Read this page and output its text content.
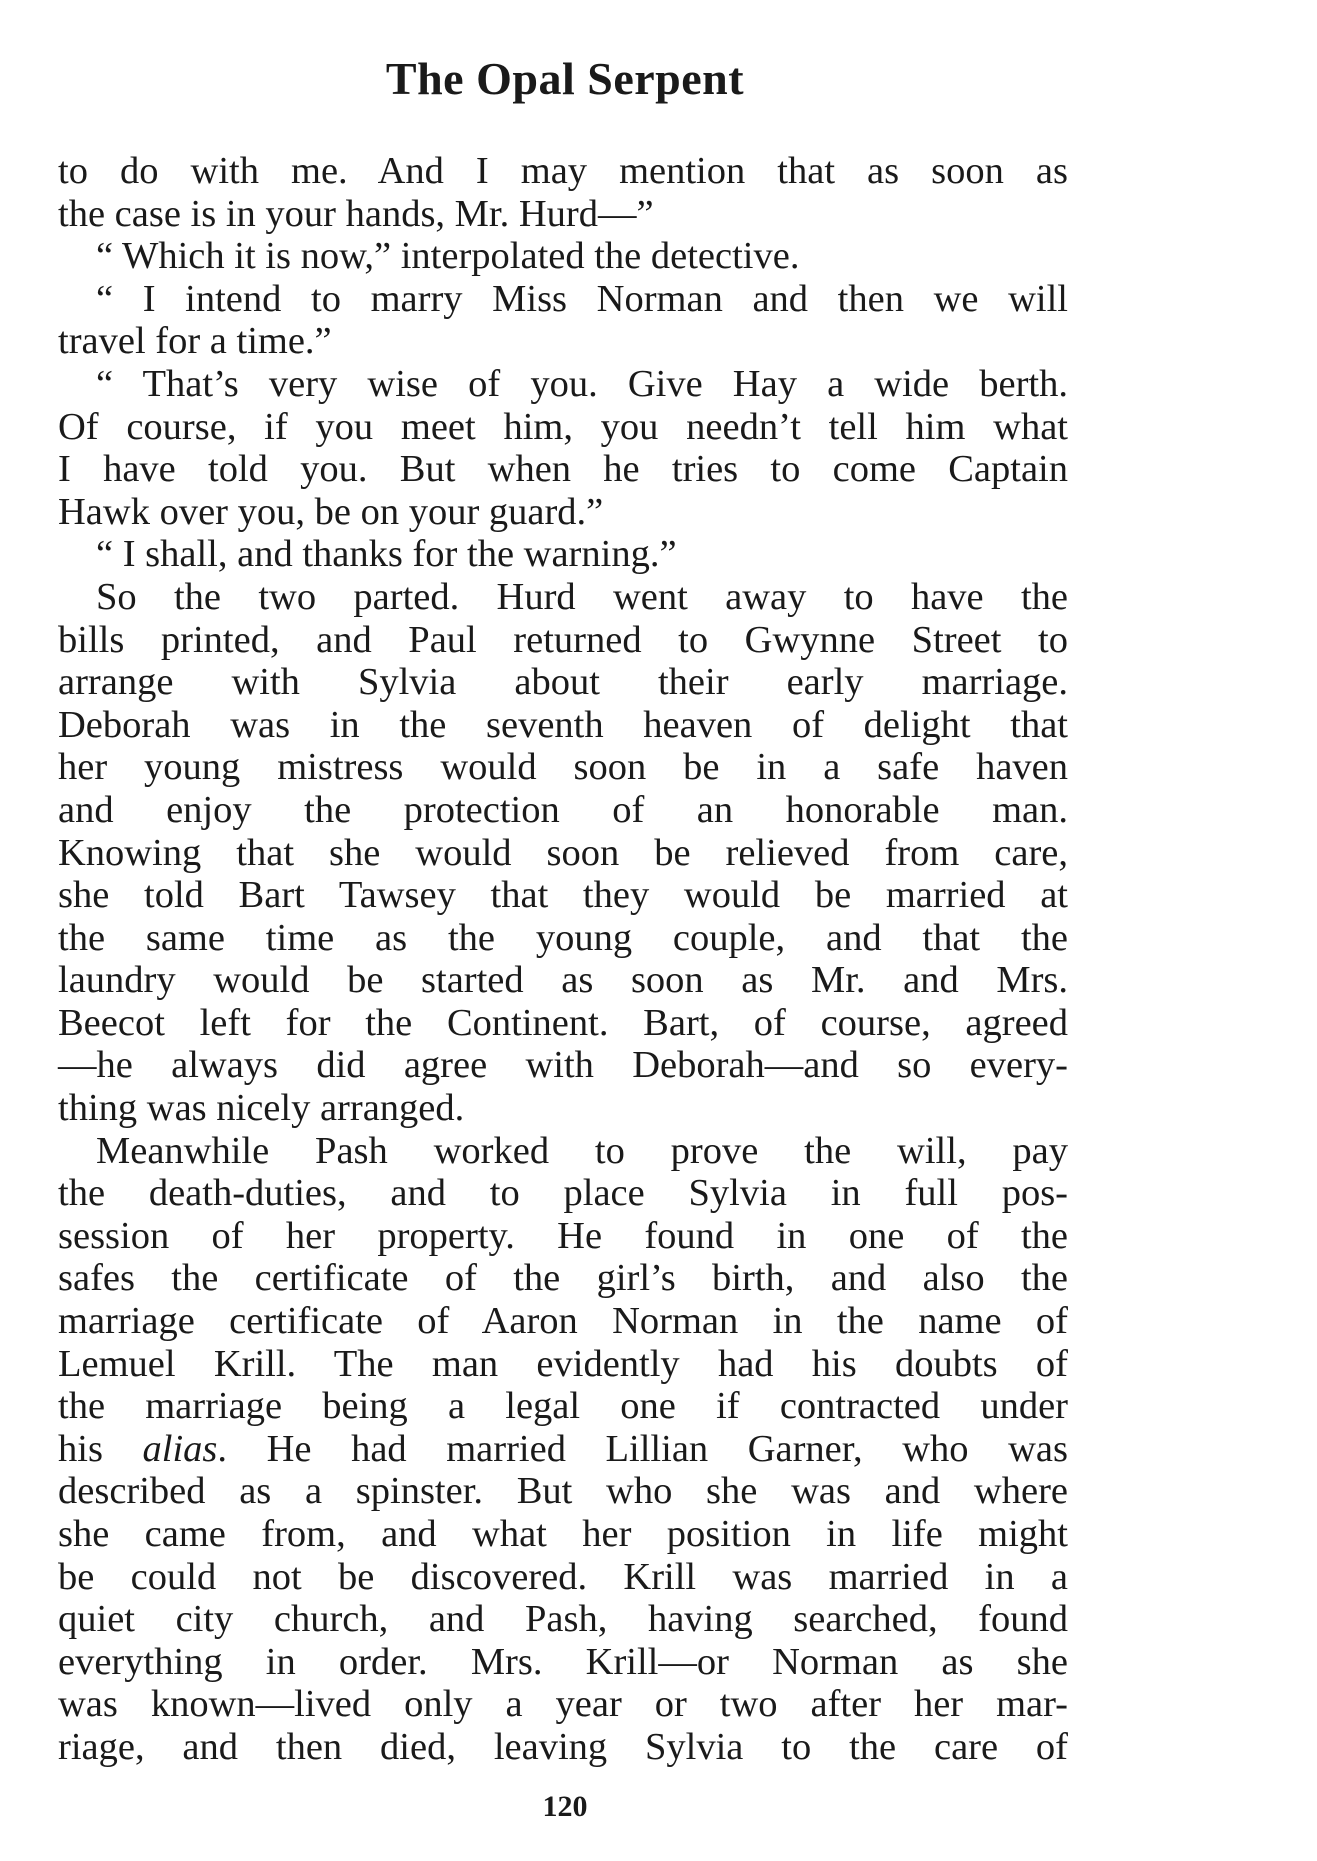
The Opal Serpent
to do with me. And I may mention that as soon as
the case is in your hands, Mr. Hurd—”
“ Which it is now,” interpolated the detective.
“ I intend to marry Miss Norman and then we will
travel for a time.”
“ That’s very wise of you. Give Hay a wide berth.
Of course, if you meet him, you needn’t tell him what
I have told you. But when he tries to come Captain
Hawk over you, be on your guard.”
“ I shall, and thanks for the warning.”
So the two parted. Hurd went away to have the
bills printed, and Paul returned to Gwynne Street to
arrange with Sylvia about their early marriage.
Deborah was in the seventh heaven of delight that
her young mistress would soon be in a safe haven
and enjoy the protection of an honorable man.
Knowing that she would soon be relieved from care,
she told Bart Tawsey that they would be married at
the same time as the young couple, and that the
laundry would be started as soon as Mr. and Mrs.
Beecot left for the Continent. Bart, of course, agreed
—he always did agree with Deborah—and so every-
thing was nicely arranged.
Meanwhile Pash worked to prove the will, pay
the death-duties, and to place Sylvia in full pos-
session of her property. He found in one of the
safes the certificate of the girl’s birth, and also the
marriage certificate of Aaron Norman in the name of
Lemuel Krill. The man evidently had his doubts of
the marriage being a legal one if contracted under
his alias. He had married Lillian Garner, who was
described as a spinster. But who she was and where
she came from, and what her position in life might
be could not be discovered. Krill was married in a
quiet city church, and Pash, having searched, found
everything in order. Mrs. Krill—or Norman as she
was known—lived only a year or two after her mar-
riage, and then died, leaving Sylvia to the care of
120
